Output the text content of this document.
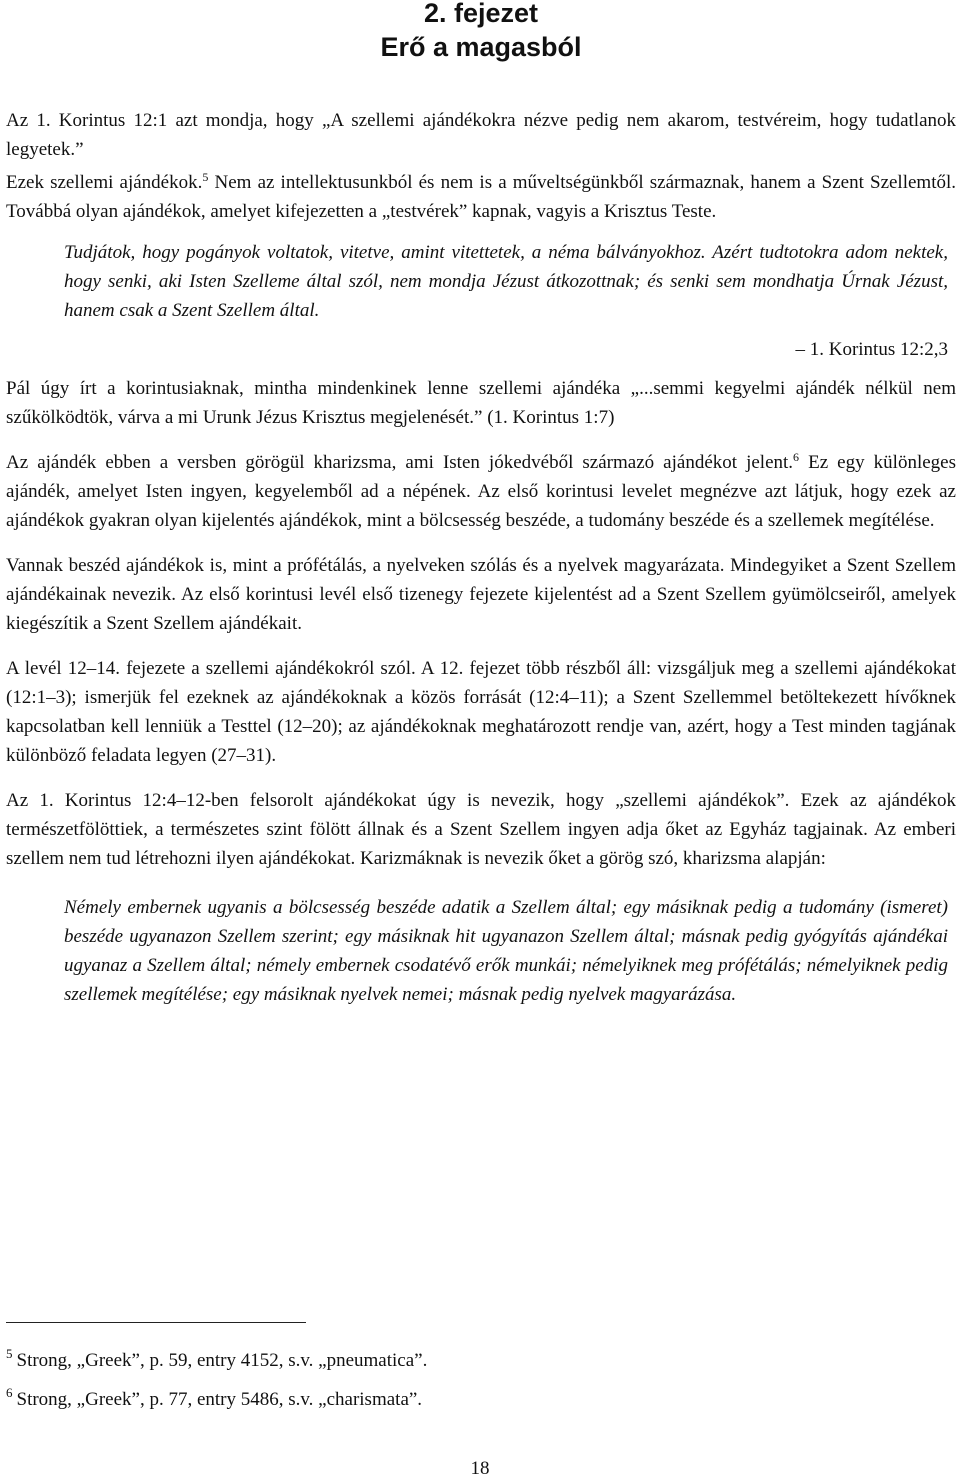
2. fejezet
Erő a magasból

Az 1. Korintus 12:1 azt mondja, hogy „A szellemi ajándékokra nézve pedig nem akarom, testvéreim, hogy tudatlanok legyetek.”

Ezek szellemi ajándékok.$^5$ Nem az intellektusunkból és nem is a műveltségünkből származnak, hanem a Szent Szellemtől. Továbbá olyan ajándékok, amelyet kifejezetten a „testvérek” kapnak, vagyis a Krisztus Teste.

Tudjátok, hogy pogányok voltatok, vitetve, amint vitettetek, a néma bálványokhoz. Azért tudtotokra adom nektek, hogy senki, aki Isten Szelleme által szól, nem mondja Jézust átkozottnak; és senki sem mondhatja Úrnak Jézust, hanem csak a Szent Szellem által.

– 1. Korintus 12:2,3

Pál úgy írt a korintusiaknak, mintha mindenkinek lenne szellemi ajándéka „...semmi kegyelmi ajándék nélkül nem szűkölködtök, várva a mi Urunk Jézus Krisztus megjelenését.” (1. Korintus 1:7)

Az ajándék ebben a versben görögül kharizsma, ami Isten jókedvéből származó ajándékot jelent.$^6$ Ez egy különleges ajándék, amelyet Isten ingyen, kegyelemből ad a népének. Az első korintusi levelet megnézve azt látjuk, hogy ezek az ajándékok gyakran olyan kijelentés ajándékok, mint a bölcsesség beszéde, a tudomány beszéde és a szellemek megítélése.

Vannak beszéd ajándékok is, mint a prófétálás, a nyelveken szólás és a nyelvek magyarázata. Mindegyiket a Szent Szellem ajándékainak nevezik. Az első korintusi levél első tizenegy fejezete kijelentést ad a Szent Szellem gyümölcseiről, amelyek kiegészítik a Szent Szellem ajándékait.

A levél 12–14. fejezete a szellemi ajándékokról szól. A 12. fejezet több részből áll: vizsgáljuk meg a szellemi ajándékokat (12:1–3); ismerjük fel ezeknek az ajándékoknak a közös forrását (12:4–11); a Szent Szellemmel betöltekezett hívőknek kapcsolatban kell lenniük a Testtel (12–20); az ajándékoknak meghatározott rendje van, azért, hogy a Test minden tagjának különböző feladata legyen (27–31).

Az 1. Korintus 12:4–12-ben felsorolt ajándékokat úgy is nevezik, hogy „szellemi ajándékok”. Ezek az ajándékok természetfölöttiek, a természetes szint fölött állnak és a Szent Szellem ingyen adja őket az Egyház tagjainak. Az emberi szellem nem tud létrehozni ilyen ajándékokat. Karizmáknak is nevezik őket a görög szó, kharizsma alapján:

Némely embernek ugyanis a bölcsesség beszéde adatik a Szellem által; egy másiknak pedig a tudomány (ismeret) beszéde ugyanazon Szellem szerint; egy másiknak hit ugyanazon Szellem által; másnak pedig gyógyítás ajándékai ugyanaz a Szellem által; némely embernek csodatévő erők munkái; némelyiknek meg prófétálás; némelyiknek pedig szellemek megítélése; egy másiknak nyelvek nemei; másnak pedig nyelvek magyarázása.

$^5$ Strong, „Greek”, p. 59, entry 4152, s.v. „pneumatica”.

$^6$ Strong, „Greek”, p. 77, entry 5486, s.v. „charismata”.

18
